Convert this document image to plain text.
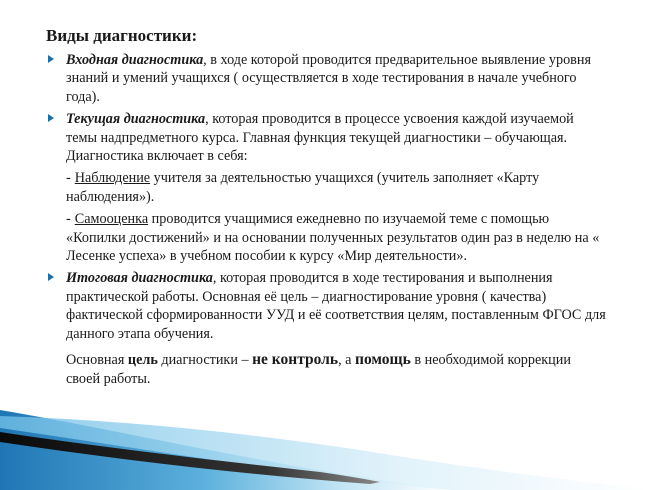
Виды диагностики:

Входная диагностика, в ходе которой проводится предварительное выявление уровня знаний и умений учащихся ( осуществляется в ходе тестирования в начале учебного года).

Текущая диагностика, которая проводится в процессе усвоения каждой изучаемой темы надпредметного курса. Главная функция текущей диагностики – обучающая. Диагностика включает в себя:

- Наблюдение учителя за деятельностью учащихся (учитель заполняет «Карту наблюдения»).

- Самооценка проводится учащимися ежедневно по изучаемой теме с помощью «Копилки достижений» и на основании полученных результатов один раз в неделю на « Лесенке успеха» в учебном пособии к курсу «Мир деятельности».

Итоговая диагностика, которая проводится в ходе тестирования и выполнения практической работы. Основная её цель – диагностирование уровня ( качества) фактической сформированности УУД и её соответствия целям, поставленным ФГОС для данного этапа обучения.

Основная цель диагностики – не контроль, а помощь в необходимой коррекции своей работы.
